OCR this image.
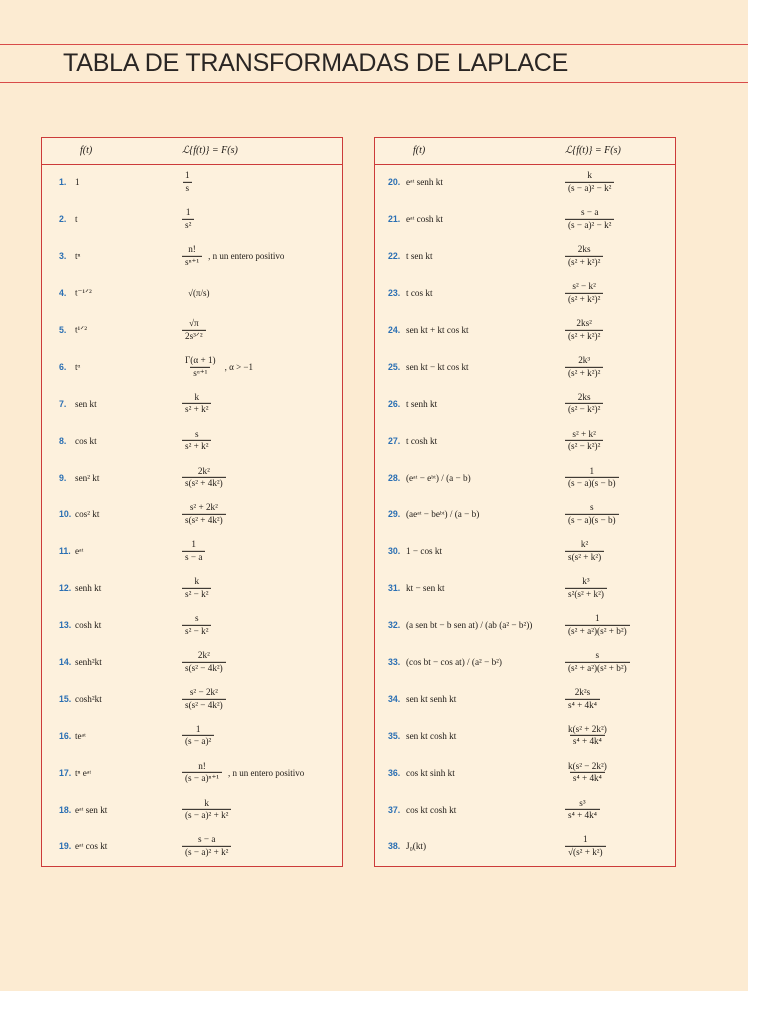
TABLA DE TRANSFORMADAS DE LAPLACE
f(t)	ℒ{f(t)} = F(s)
1. 1	$\frac{1}{s}$
2. t	$\frac{1}{\text{s²}}$
3. tⁿ	$\frac{n!}{\text{sⁿ⁺¹}}$ , n un entero positivo
4. t⁻¹ᐟ²	√(π/s)
5. t¹ᐟ²	$\frac{√\pi}{\text{2s³ᐟ²}}$
6. tᵅ	$\frac{\Gamma(\alpha + 1)}{\text{sᵅ⁺¹}}$ , α > −1
7. sen kt	$\frac{k}{\text{s² + k²}}$
8. cos kt	$\frac{s}{\text{s² + k²}}$
9. sen² kt	$\frac{\text{2k²}}{\text{s(s² + 4k²)}}$
10. cos² kt	$\frac{\text{s² + 2k²}}{\text{s(s² + 4k²)}}$
11. eᵃᵗ	$\frac{1}{s - a}$
12. senh kt	$\frac{k}{\text{s² − k²}}$
13. cosh kt	$\frac{s}{\text{s² − k²}}$
14. senh²kt	$\frac{\text{2k²}}{\text{s(s² − 4k²)}}$
15. cosh²kt	$\frac{\text{s² − 2k²}}{\text{s(s² − 4k²)}}$
16. teᵃᵗ	$\frac{1}{\text{(s − a)²}}$
17. tⁿ eᵃᵗ	$\frac{n!}{\text{(s − a)ⁿ⁺¹}}$ , n un entero positivo
18. eᵃᵗ sen kt	$\frac{k}{\text{(s − a)² + k²}}$
19. eᵃᵗ cos kt	$\frac{s - a}{\text{(s − a)² + k²}}$
f(t)	ℒ{f(t)} = F(s)
20. eᵃᵗ senh kt	$\frac{k}{\text{(s − a)² − k²}}$
21. eᵃᵗ cosh kt	$\frac{s - a}{\text{(s − a)² − k²}}$
22. t sen kt	$\frac{2ks}{\text{(s² + k²)²}}$
23. t cos kt	$\frac{\text{s² − k²}}{\text{(s² + k²)²}}$
24. sen kt + kt cos kt	$\frac{\text{2ks²}}{\text{(s² + k²)²}}$
25. sen kt − kt cos kt	$\frac{\text{2k³}}{\text{(s² + k²)²}}$
26. t senh kt	$\frac{2ks}{\text{(s² − k²)²}}$
27. t cosh kt	$\frac{\text{s² + k²}}{\text{(s² − k²)²}}$
28. (eᵃᵗ − eᵇᵗ) / (a − b)	$\frac{1}{(s - a)(s - b)}$
29. (aeᵃᵗ − beᵇᵗ) / (a − b)	$\frac{s}{(s - a)(s - b)}$
30. 1 − cos kt	$\frac{\text{k²}}{\text{s(s² + k²)}}$
31. kt − sen kt	$\frac{\text{k³}}{\text{s²(s² + k²)}}$
32. (a sen bt − b sen at) / (ab (a² − b²))	$\frac{1}{\text{(s² + a²)(s² + b²)}}$
33. (cos bt − cos at) / (a² − b²)	$\frac{s}{\text{(s² + a²)(s² + b²)}}$
34. sen kt senh kt	$\frac{\text{2k²s}}{\text{s⁴ + 4k⁴}}$
35. sen kt cosh kt	$\frac{\text{k(s² + 2k²)}}{\text{s⁴ + 4k⁴}}$
36. cos kt sinh kt	$\frac{\text{k(s² − 2k²)}}{\text{s⁴ + 4k⁴}}$
37. cos kt cosh kt	$\frac{\text{s³}}{\text{s⁴ + 4k⁴}}$
38. J₀(kt)	$\frac{1}{\text{√(s² + k²)}}$
